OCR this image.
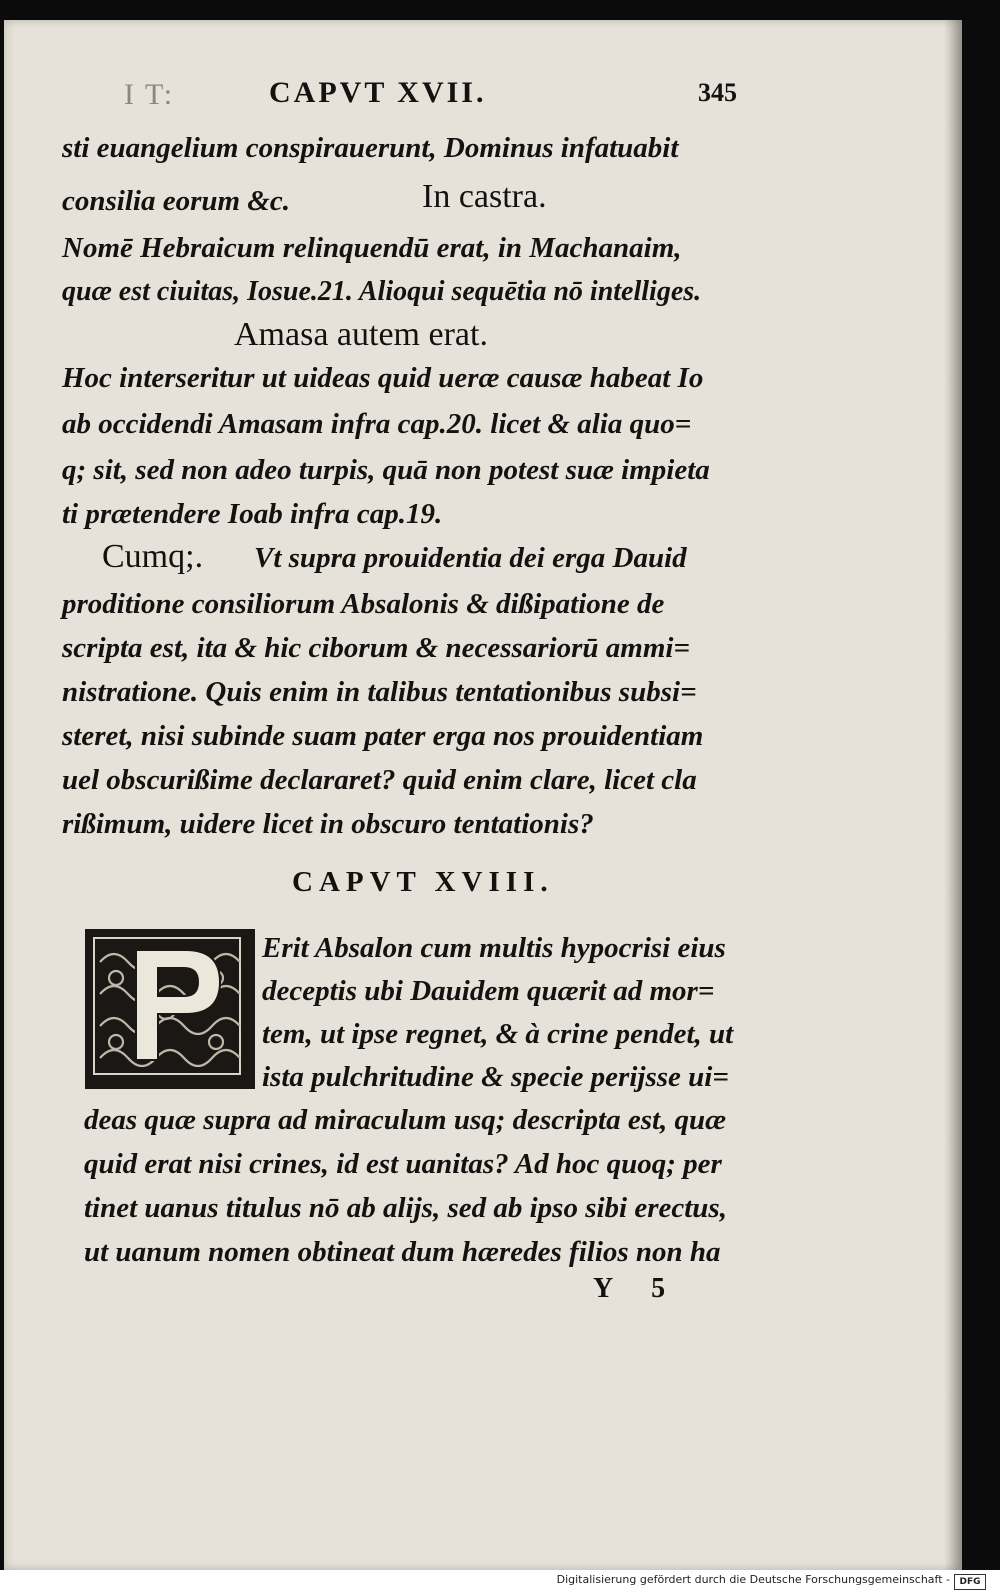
I T:	CAPVT XVII.	345
sti euangelium conspirauerunt, Dominus infatuabit
consilia eorum &c.	In castra.
Nomē Hebraicum relinquendū erat, in Machanaim,
quæ est ciuitas, Iosue.21. Alioqui sequētia nō intelliges.
Amasa autem erat.
Hoc interseritur ut uideas quid ueræ causæ habeat Io
ab occidendi Amasam infra cap.20. licet & alia quo=
q; sit, sed non adeo turpis, quā non potest suæ impieta
ti prætendere Ioab infra cap.19.
Cumq;. Vt supra prouidentia dei erga Dauid
proditione consiliorum Absalonis & dißipatione de
scripta est, ita & hic ciborum & necessariorū ammi=
nistratione. Quis enim in talibus tentationibus subsi=
steret, nisi subinde suam pater erga nos prouidentiam
uel obscurißime declararet? quid enim clare, licet cla
rißimum, uidere licet in obscuro tentationis?
CAPVT XVIII.
Erit Absalon cum multis hypocrisi eius
deceptis ubi Dauidem quærit ad mor=
tem, ut ipse regnet, & à crine pendet, ut
ista pulchritudine & specie perijsse ui=
deas quæ supra ad miraculum usq; descripta est, quæ
quid erat nisi crines, id est uanitas? Ad hoc quoq; per
tinet uanus titulus nō ab alijs, sed ab ipso sibi erectus,
ut uanum nomen obtineat dum hæredes filios non ha
Y 5
Digitalisierung gefördert durch die Deutsche Forschungsgemeinschaft -	DFG
